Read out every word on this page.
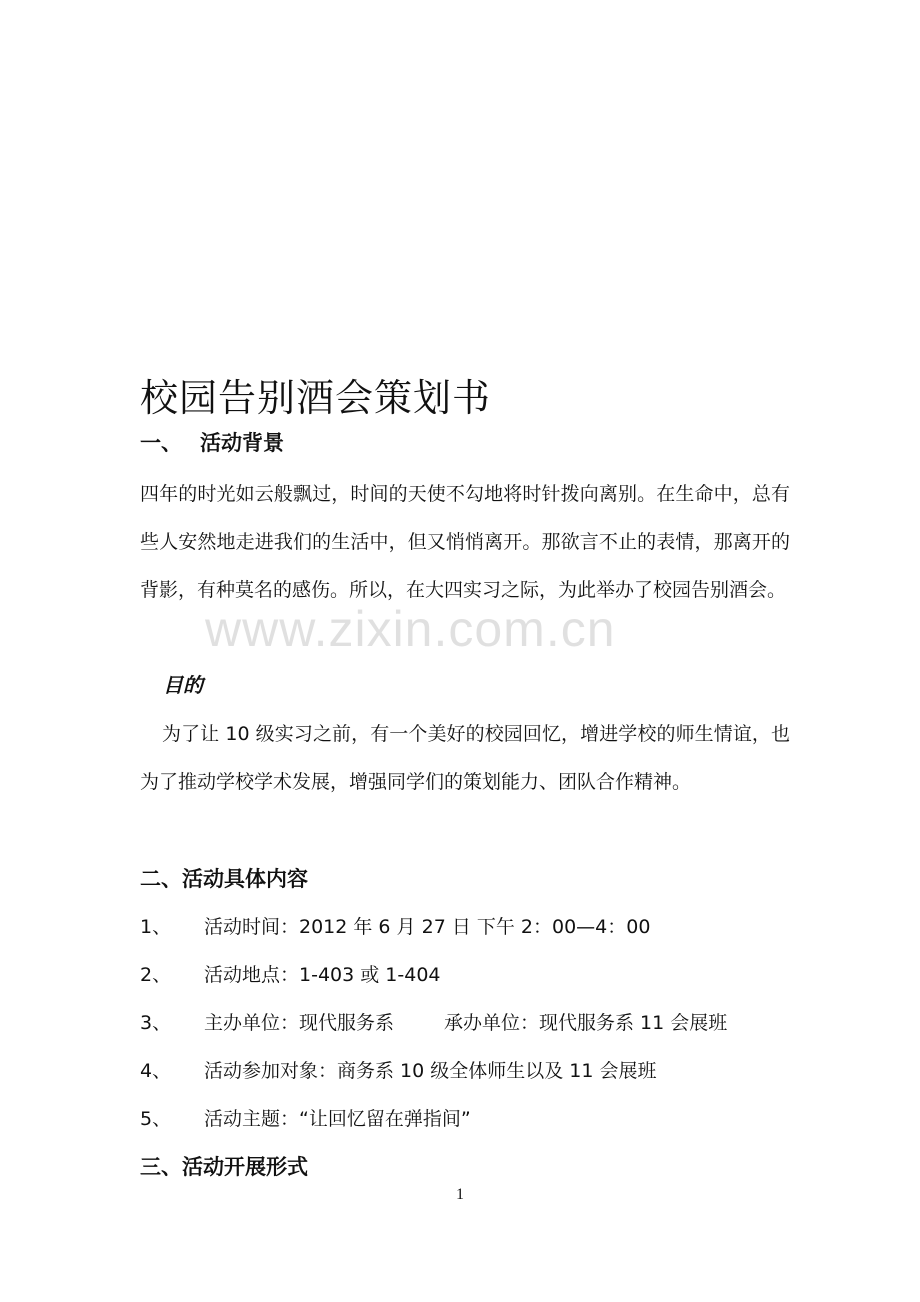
校园告别酒会策划书
一、 活动背景

四年的时光如云般飘过，时间的天使不勾地将时针拨向离别。在生命中，总有些人安然地走进我们的生活中，但又悄悄离开。那欲言不止的表情，那离开的背影，有种莫名的感伤。所以，在大四实习之际，为此举办了校园告别酒会。

目的

为了让 10 级实习之前，有一个美好的校园回忆，增进学校的师生情谊，也为了推动学校学术发展，增强同学们的策划能力、团队合作精神。

二、活动具体内容
1、 活动时间：2012 年 6 月 27 日 下午 2：00—4：00
2、 活动地点：1-403 或 1-404
3、 主办单位：现代服务系	承办单位：现代服务系 11 会展班
4、 活动参加对象：商务系 10 级全体师生以及 11 会展班
5、 活动主题：“让回忆留在弹指间”
三、活动开展形式
1
www.zixin.com.cn
